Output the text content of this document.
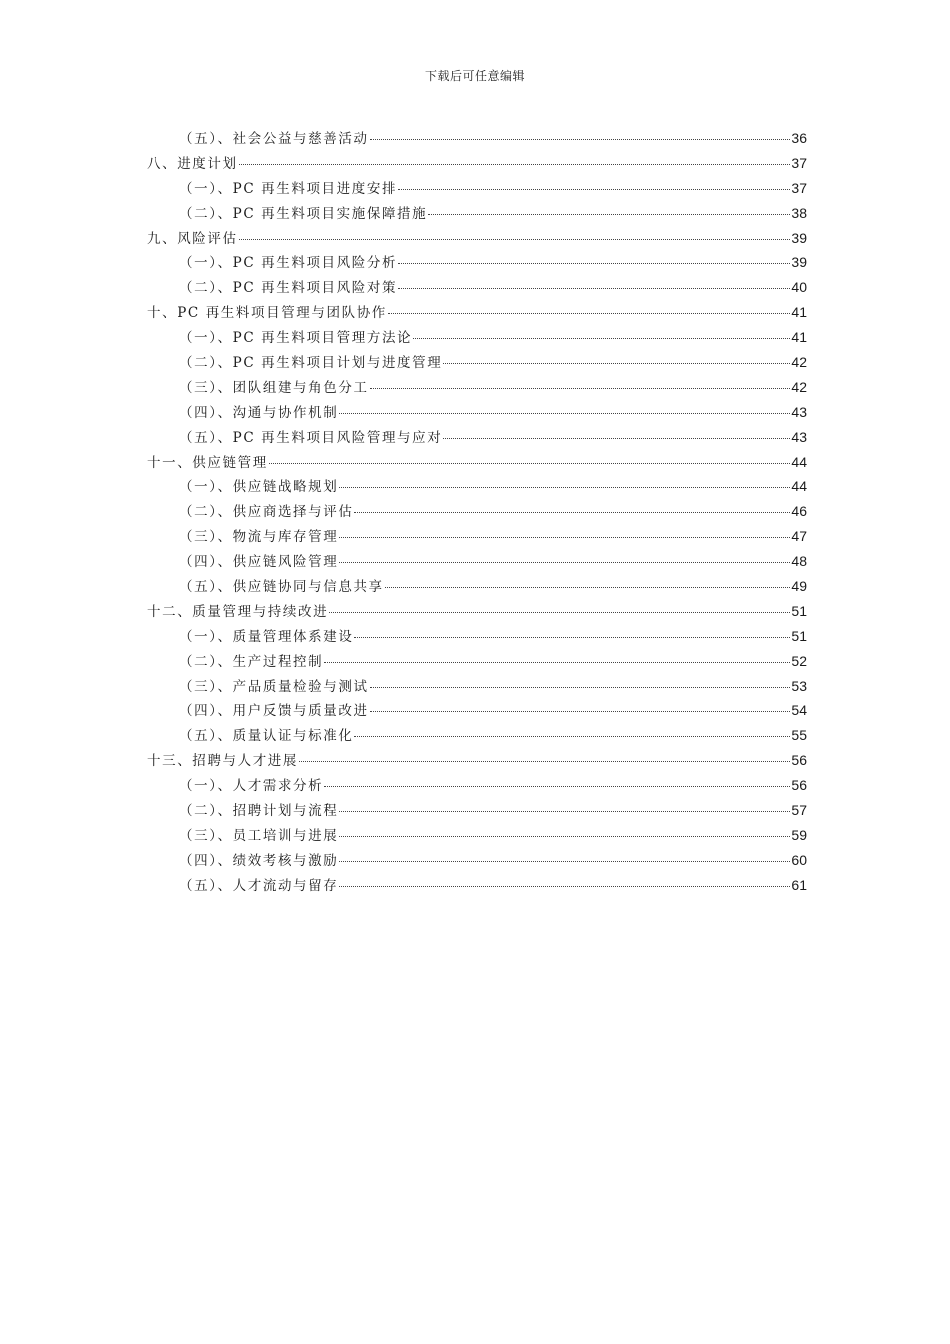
下载后可任意编辑
（五）、社会公益与慈善活动	36
八、进度计划	37
（一）、PC 再生料项目进度安排	37
（二）、PC 再生料项目实施保障措施	38
九、风险评估	39
（一）、PC 再生料项目风险分析	39
（二）、PC 再生料项目风险对策	40
十、PC 再生料项目管理与团队协作	41
（一）、PC 再生料项目管理方法论	41
（二）、PC 再生料项目计划与进度管理	42
（三）、团队组建与角色分工	42
（四）、沟通与协作机制	43
（五）、PC 再生料项目风险管理与应对	43
十一、供应链管理	44
（一）、供应链战略规划	44
（二）、供应商选择与评估	46
（三）、物流与库存管理	47
（四）、供应链风险管理	48
（五）、供应链协同与信息共享	49
十二、质量管理与持续改进	51
（一）、质量管理体系建设	51
（二）、生产过程控制	52
（三）、产品质量检验与测试	53
（四）、用户反馈与质量改进	54
（五）、质量认证与标准化	55
十三、招聘与人才进展	56
（一）、人才需求分析	56
（二）、招聘计划与流程	57
（三）、员工培训与进展	59
（四）、绩效考核与激励	60
（五）、人才流动与留存	61
